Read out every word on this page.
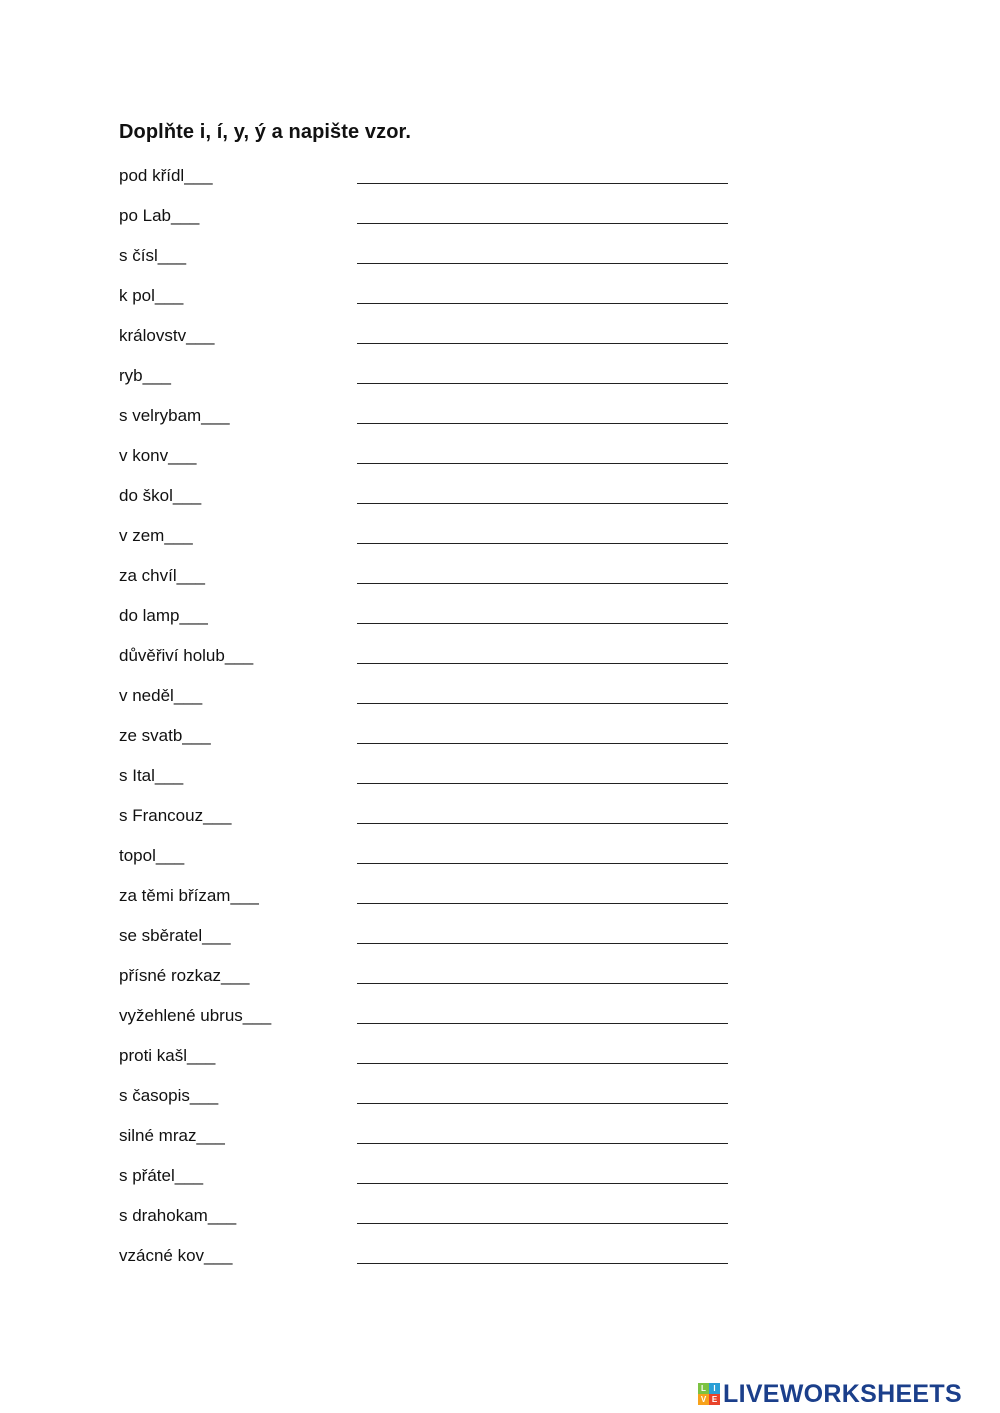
Doplňte i, í, y, ý a napište vzor.
pod křídl___
po Lab___
s čísl___
k pol___
královstv___
ryb___
s velrybam___
v konv___
do škol___
v zem___
za chvíl___
do lamp___
důvěřiví holub___
v neděl___
ze svatb___
s Ital___
s Francouz___
topol___
za těmi břízam___
se sběratel___
přísné rozkaz___
vyžehlené ubrus___
proti kašl___
s časopis___
silné mraz___
s přátel___
s drahokam___
vzácné kov___
L I
V E LIVEWORKSHEETS
